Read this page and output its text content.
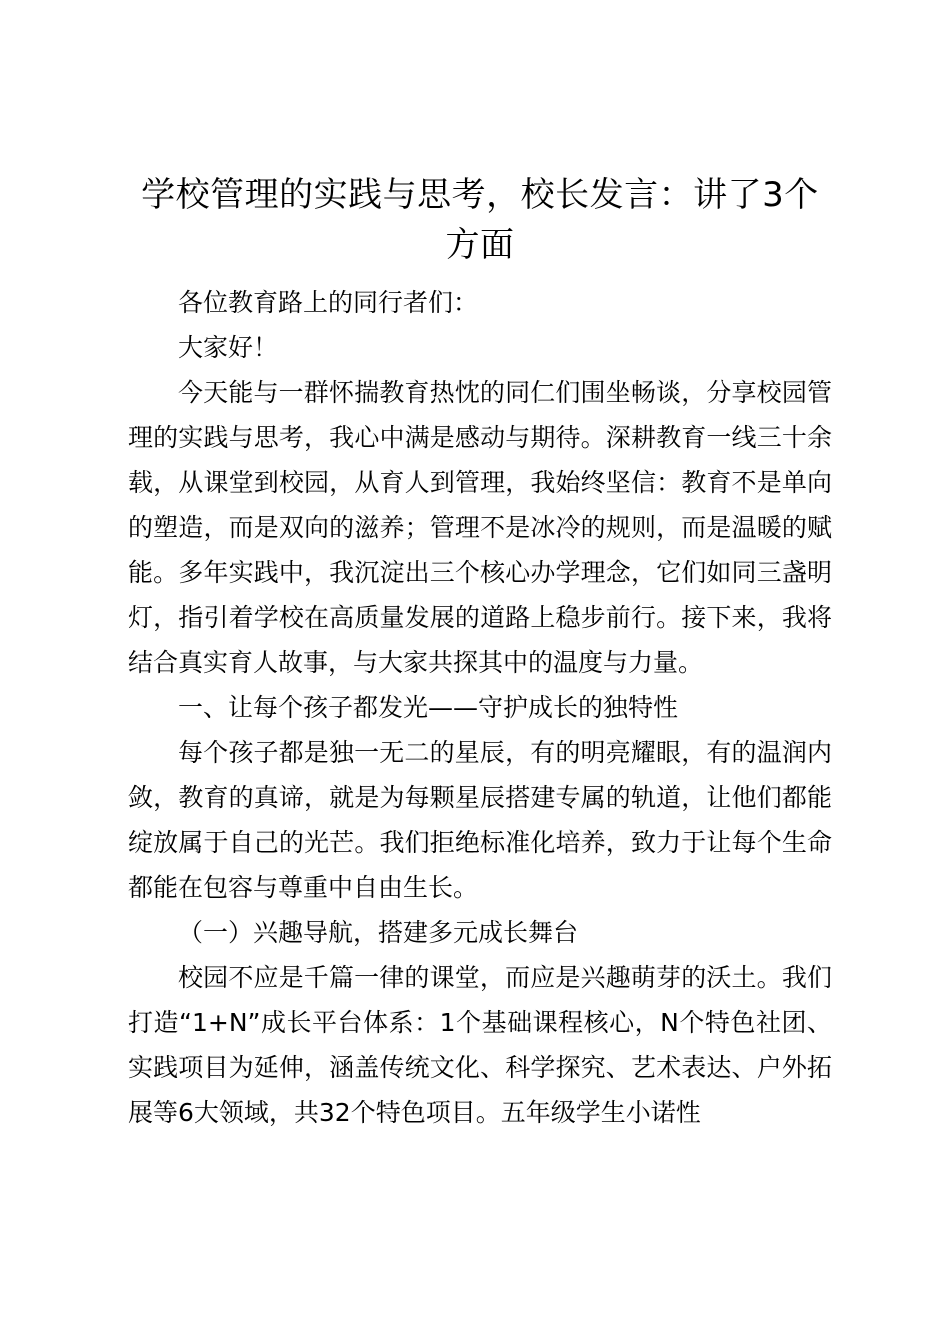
学校管理的实践与思考，校长发言：讲了3个方面

各位教育路上的同行者们：

大家好！

今天能与一群怀揣教育热忱的同仁们围坐畅谈，分享校园管理的实践与思考，我心中满是感动与期待。深耕教育一线三十余载，从课堂到校园，从育人到管理，我始终坚信：教育不是单向的塑造，而是双向的滋养；管理不是冰冷的规则，而是温暖的赋能。多年实践中，我沉淀出三个核心办学理念，它们如同三盏明灯，指引着学校在高质量发展的道路上稳步前行。接下来，我将结合真实育人故事，与大家共探其中的温度与力量。

一、让每个孩子都发光——守护成长的独特性

每个孩子都是独一无二的星辰，有的明亮耀眼，有的温润内敛，教育的真谛，就是为每颗星辰搭建专属的轨道，让他们都能绽放属于自己的光芒。我们拒绝标准化培养，致力于让每个生命都能在包容与尊重中自由生长。

（一）兴趣导航，搭建多元成长舞台

校园不应是千篇一律的课堂，而应是兴趣萌芽的沃土。我们打造“1+N”成长平台体系：1个基础课程核心，N个特色社团、实践项目为延伸，涵盖传统文化、科学探究、艺术表达、户外拓展等6大领域，共32个特色项目。五年级学生小诺性
